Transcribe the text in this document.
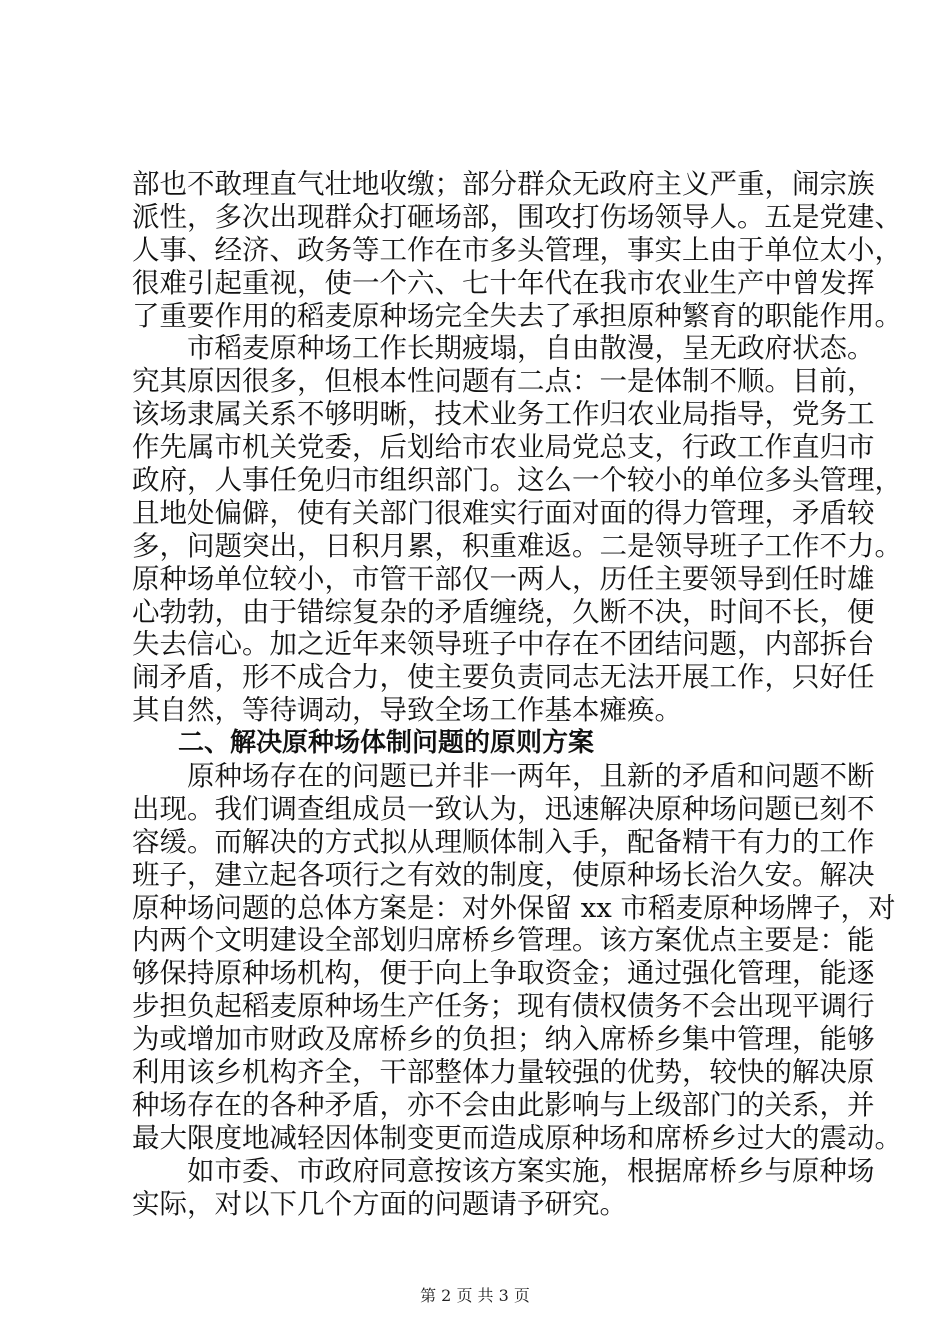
部也不敢理直气壮地收缴；部分群众无政府主义严重，闹宗族
派性，多次出现群众打砸场部，围攻打伤场领导人。五是党建、
人事、经济、政务等工作在市多头管理，事实上由于单位太小，
很难引起重视，使一个六、七十年代在我市农业生产中曾发挥
了重要作用的稻麦原种场完全失去了承担原种繁育的职能作用。
市稻麦原种场工作长期疲塌，自由散漫，呈无政府状态。
究其原因很多，但根本性问题有二点：一是体制不顺。目前，
该场隶属关系不够明晰，技术业务工作归农业局指导，党务工
作先属市机关党委，后划给市农业局党总支，行政工作直归市
政府，人事任免归市组织部门。这么一个较小的单位多头管理，
且地处偏僻，使有关部门很难实行面对面的得力管理，矛盾较
多，问题突出，日积月累，积重难返。二是领导班子工作不力。
原种场单位较小，市管干部仅一两人，历任主要领导到任时雄
心勃勃，由于错综复杂的矛盾缠绕，久断不决，时间不长，便
失去信心。加之近年来领导班子中存在不团结问题，内部拆台
闹矛盾，形不成合力，使主要负责同志无法开展工作，只好任
其自然，等待调动，导致全场工作基本瘫痪。
二、解决原种场体制问题的原则方案
原种场存在的问题已并非一两年，且新的矛盾和问题不断
出现。我们调查组成员一致认为，迅速解决原种场问题已刻不
容缓。而解决的方式拟从理顺体制入手，配备精干有力的工作
班子，建立起各项行之有效的制度，使原种场长治久安。解决
原种场问题的总体方案是：对外保留 xx 市稻麦原种场牌子，对
内两个文明建设全部划归席桥乡管理。该方案优点主要是：能
够保持原种场机构，便于向上争取资金；通过强化管理，能逐
步担负起稻麦原种场生产任务；现有债权债务不会出现平调行
为或增加市财政及席桥乡的负担；纳入席桥乡集中管理，能够
利用该乡机构齐全，干部整体力量较强的优势，较快的解决原
种场存在的各种矛盾，亦不会由此影响与上级部门的关系，并
最大限度地减轻因体制变更而造成原种场和席桥乡过大的震动。
如市委、市政府同意按该方案实施，根据席桥乡与原种场
实际，对以下几个方面的问题请予研究。
第 2 页 共 3 页
